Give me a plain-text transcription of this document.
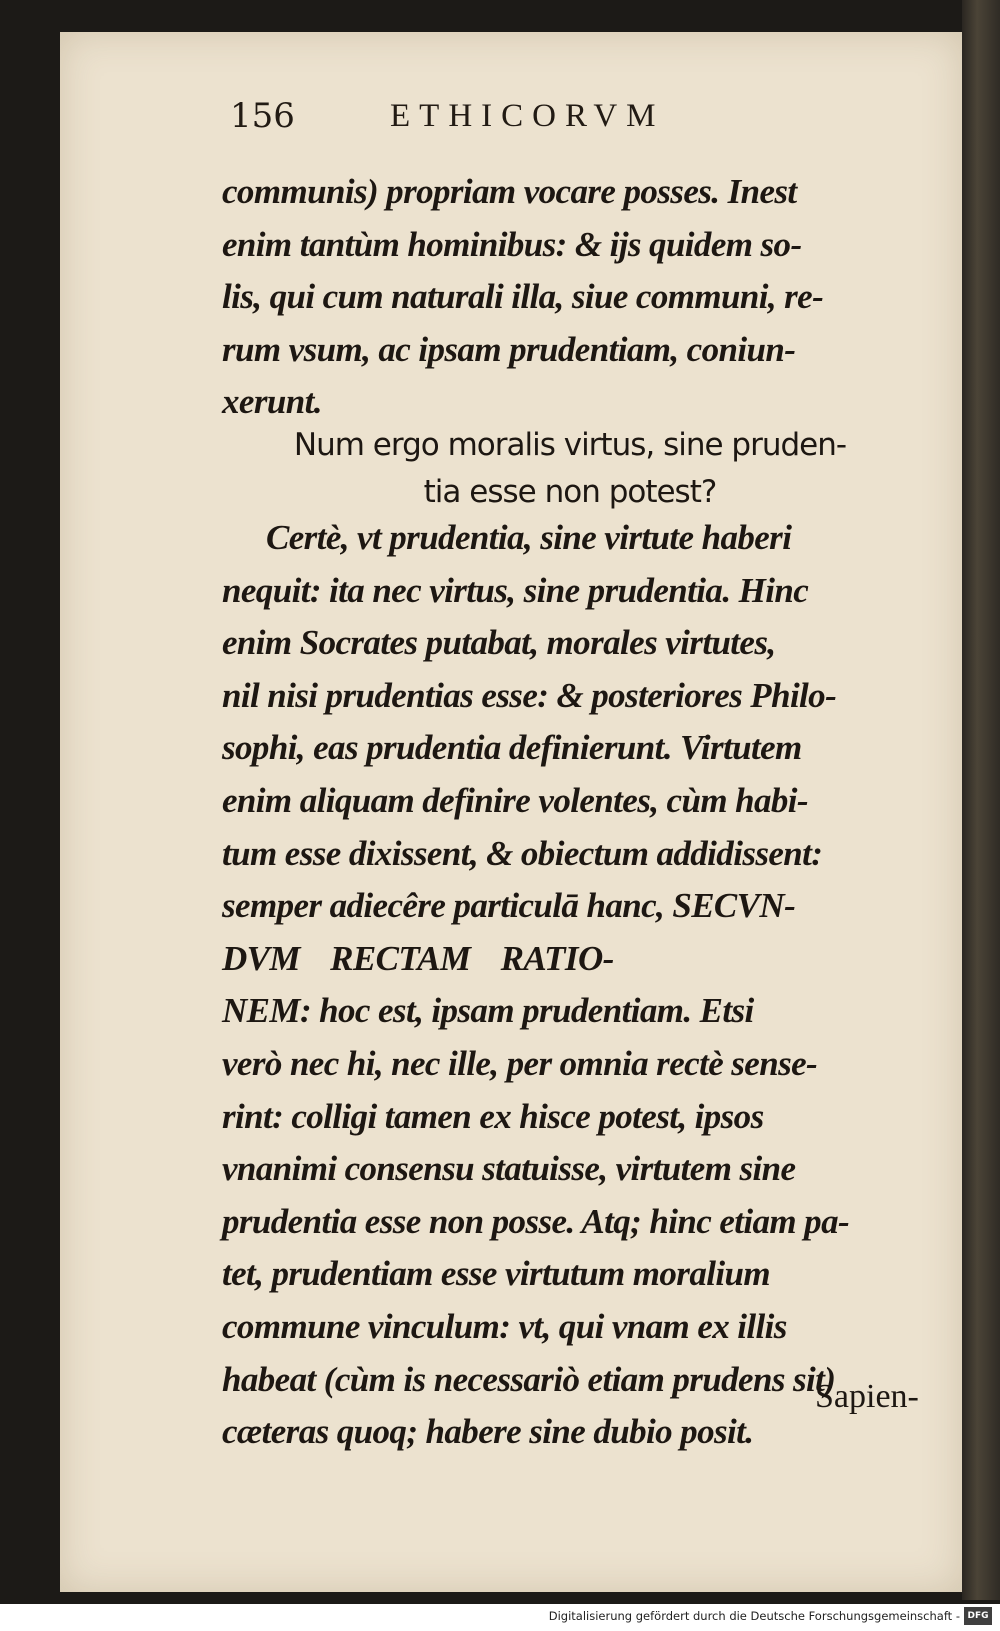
156	ETHICORVM
communis) propriam vocare posses. Inest
enim tantùm hominibus: & ijs quidem so-
lis, qui cum naturali illa, siue communi, re-
rum vsum, ac ipsam prudentiam, coniun-
xerunt.
Num ergo moralis virtus, sine pruden-
tia esse non potest?
Certè, vt prudentia, sine virtute haberi
nequit: ita nec virtus, sine prudentia. Hinc
enim Socrates putabat, morales virtutes,
nil nisi prudentias esse: & posteriores Philo-
sophi, eas prudentia definierunt. Virtutem
enim aliquam definire volentes, cùm habi-
tum esse dixissent, & obiectum addidissent:
semper adiecêre particulā hanc, SECVN-
DVM RECTAM RATIO-
NEM: hoc est, ipsam prudentiam. Etsi
verò nec hi, nec ille, per omnia rectè sense-
rint: colligi tamen ex hisce potest, ipsos
vnanimi consensu statuisse, virtutem sine
prudentia esse non posse. Atq; hinc etiam pa-
tet, prudentiam esse virtutum moralium
commune vinculum: vt, qui vnam ex illis
habeat (cùm is necessariò etiam prudens sit)
cæteras quoq; habere sine dubio posit.
Sapien-
Digitalisierung gefördert durch die Deutsche Forschungsgemeinschaft - DFG
